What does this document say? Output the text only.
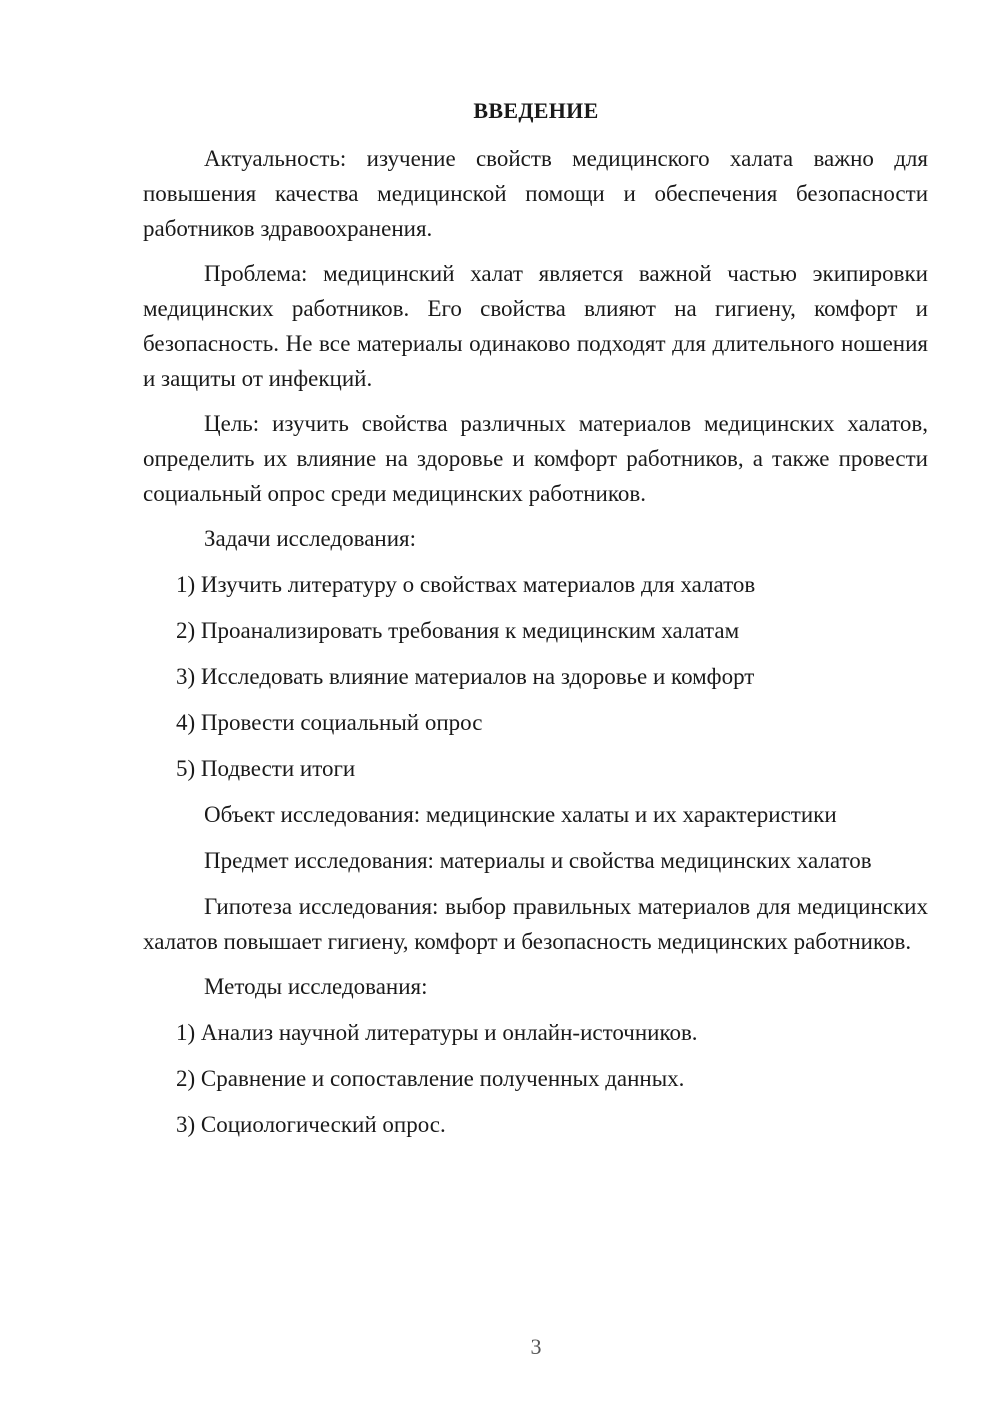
ВВЕДЕНИЕ

Актуальность: изучение свойств медицинского халата важно для повышения качества медицинской помощи и обеспечения безопасности работников здравоохранения.

Проблема: медицинский халат является важной частью экипировки медицинских работников. Его свойства влияют на гигиену, комфорт и безопасность. Не все материалы одинаково подходят для длительного ношения и защиты от инфекций.

Цель: изучить свойства различных материалов медицинских халатов, определить их влияние на здоровье и комфорт работников, а также провести социальный опрос среди медицинских работников.

Задачи исследования:

1) Изучить литературу о свойствах материалов для халатов

2) Проанализировать требования к медицинским халатам

3) Исследовать влияние материалов на здоровье и комфорт

4) Провести социальный опрос

5) Подвести итоги

Объект исследования: медицинские халаты и их характеристики

Предмет исследования: материалы и свойства медицинских халатов

Гипотеза исследования: выбор правильных материалов для медицинских халатов повышает гигиену, комфорт и безопасность медицинских работников.

Методы исследования:

1) Анализ научной литературы и онлайн-источников.

2) Сравнение и сопоставление полученных данных.

3) Социологический опрос.

3
